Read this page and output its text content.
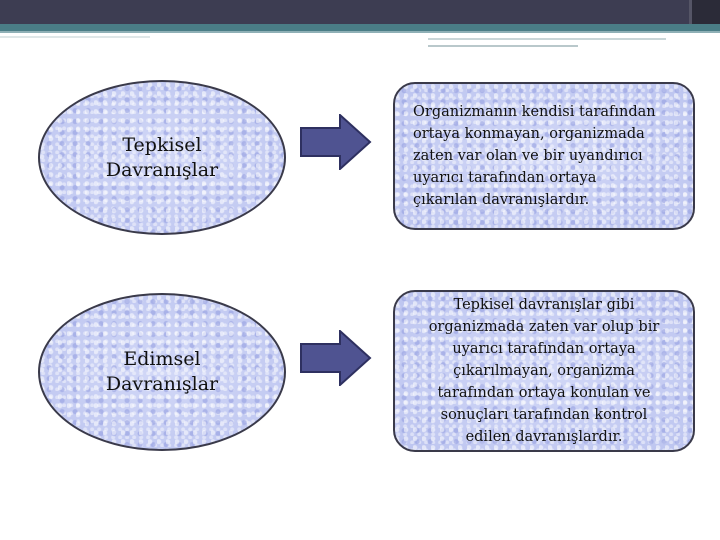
Tepkisel
Davranışlar
Organizmanın kendisi tarafından
ortaya konmayan, organizmada
zaten var olan ve bir uyandırıcı
uyarıcı tarafından ortaya
çıkarılan davranışlardır.
Edimsel
Davranışlar
Tepkisel davranışlar gibi
organizmada zaten var olup bir
uyarıcı tarafından ortaya
çıkarılmayan, organizma
tarafından ortaya konulan ve
sonuçları tarafından kontrol
edilen davranışlardır.
